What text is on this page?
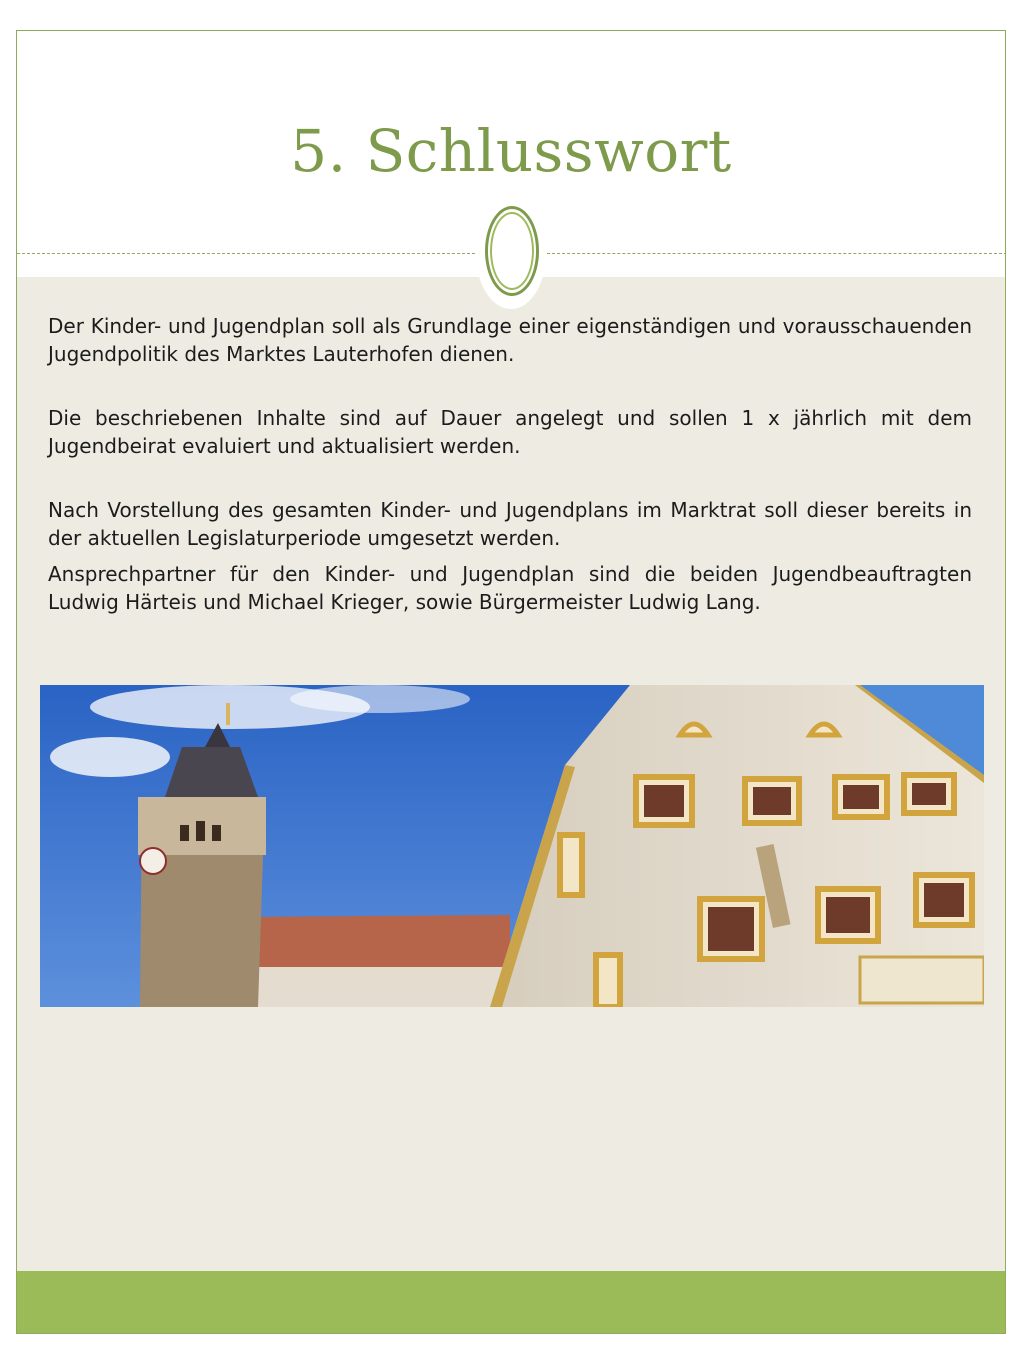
5. Schlusswort

Der Kinder- und Jugendplan soll als Grundlage einer eigenständigen und vorausschauenden Jugendpolitik des Marktes Lauterhofen dienen.

Die beschriebenen Inhalte sind auf Dauer angelegt und sollen 1 x jährlich mit dem Jugendbeirat evaluiert und aktualisiert werden.

Nach Vorstellung des gesamten Kinder- und Jugendplans im Marktrat soll dieser bereits in der aktuellen Legislaturperiode umgesetzt werden.

Ansprechpartner für den Kinder- und Jugendplan sind die beiden Jugendbeauftragten Ludwig Härteis und Michael Krieger, sowie Bürgermeister Ludwig Lang.
